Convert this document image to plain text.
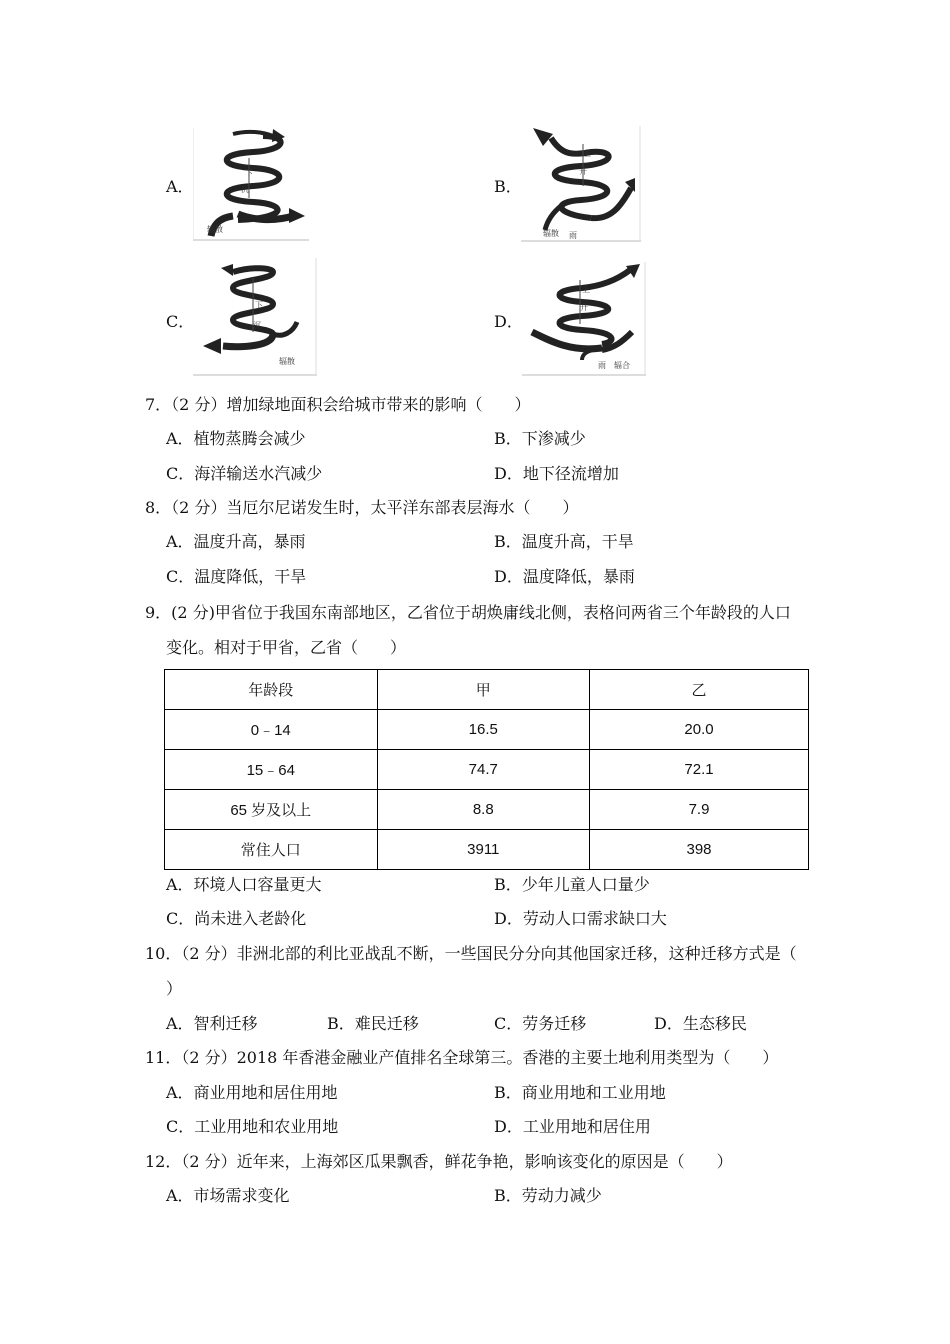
A．
下
沉
辐散
B．
上
升
辐散 雨
C．
下
沉
辐散
D．
上
升
雨 辐合
7．（2 分）增加绿地面积会给城市带来的影响（　　）
A．植物蒸腾会减少	B．下渗减少
C．海洋输送水汽减少	D．地下径流增加
8．（2 分）当厄尔尼诺发生时，太平洋东部表层海水（　　）
A．温度升高，暴雨	B．温度升高，干旱
C．温度降低，干旱	D．温度降低，暴雨
9．(2 分)甲省位于我国东南部地区，乙省位于胡焕庸线北侧，表格问两省三个年龄段的人口
变化。相对于甲省，乙省（　　）
年龄段	甲	乙
0﹣14	16.5	20.0
15﹣64	74.7	72.1
65 岁及以上	8.8	7.9
常住人口	3911	398
A．环境人口容量更大	B．少年儿童人口量少
C．尚未进入老龄化	D．劳动人口需求缺口大
10．（2 分）非洲北部的利比亚战乱不断，一些国民分分向其他国家迁移，这种迁移方式是（
）
A．智利迁移	B．难民迁移	C．劳务迁移	D．生态移民
11．（2 分）2018 年香港金融业产值排名全球第三。香港的主要土地利用类型为（　　）
A．商业用地和居住用地	B．商业用地和工业用地
C．工业用地和农业用地	D．工业用地和居住用
12．（2 分）近年来，上海郊区瓜果飘香，鲜花争艳，影响该变化的原因是（　　）
A．市场需求变化	B．劳动力减少
